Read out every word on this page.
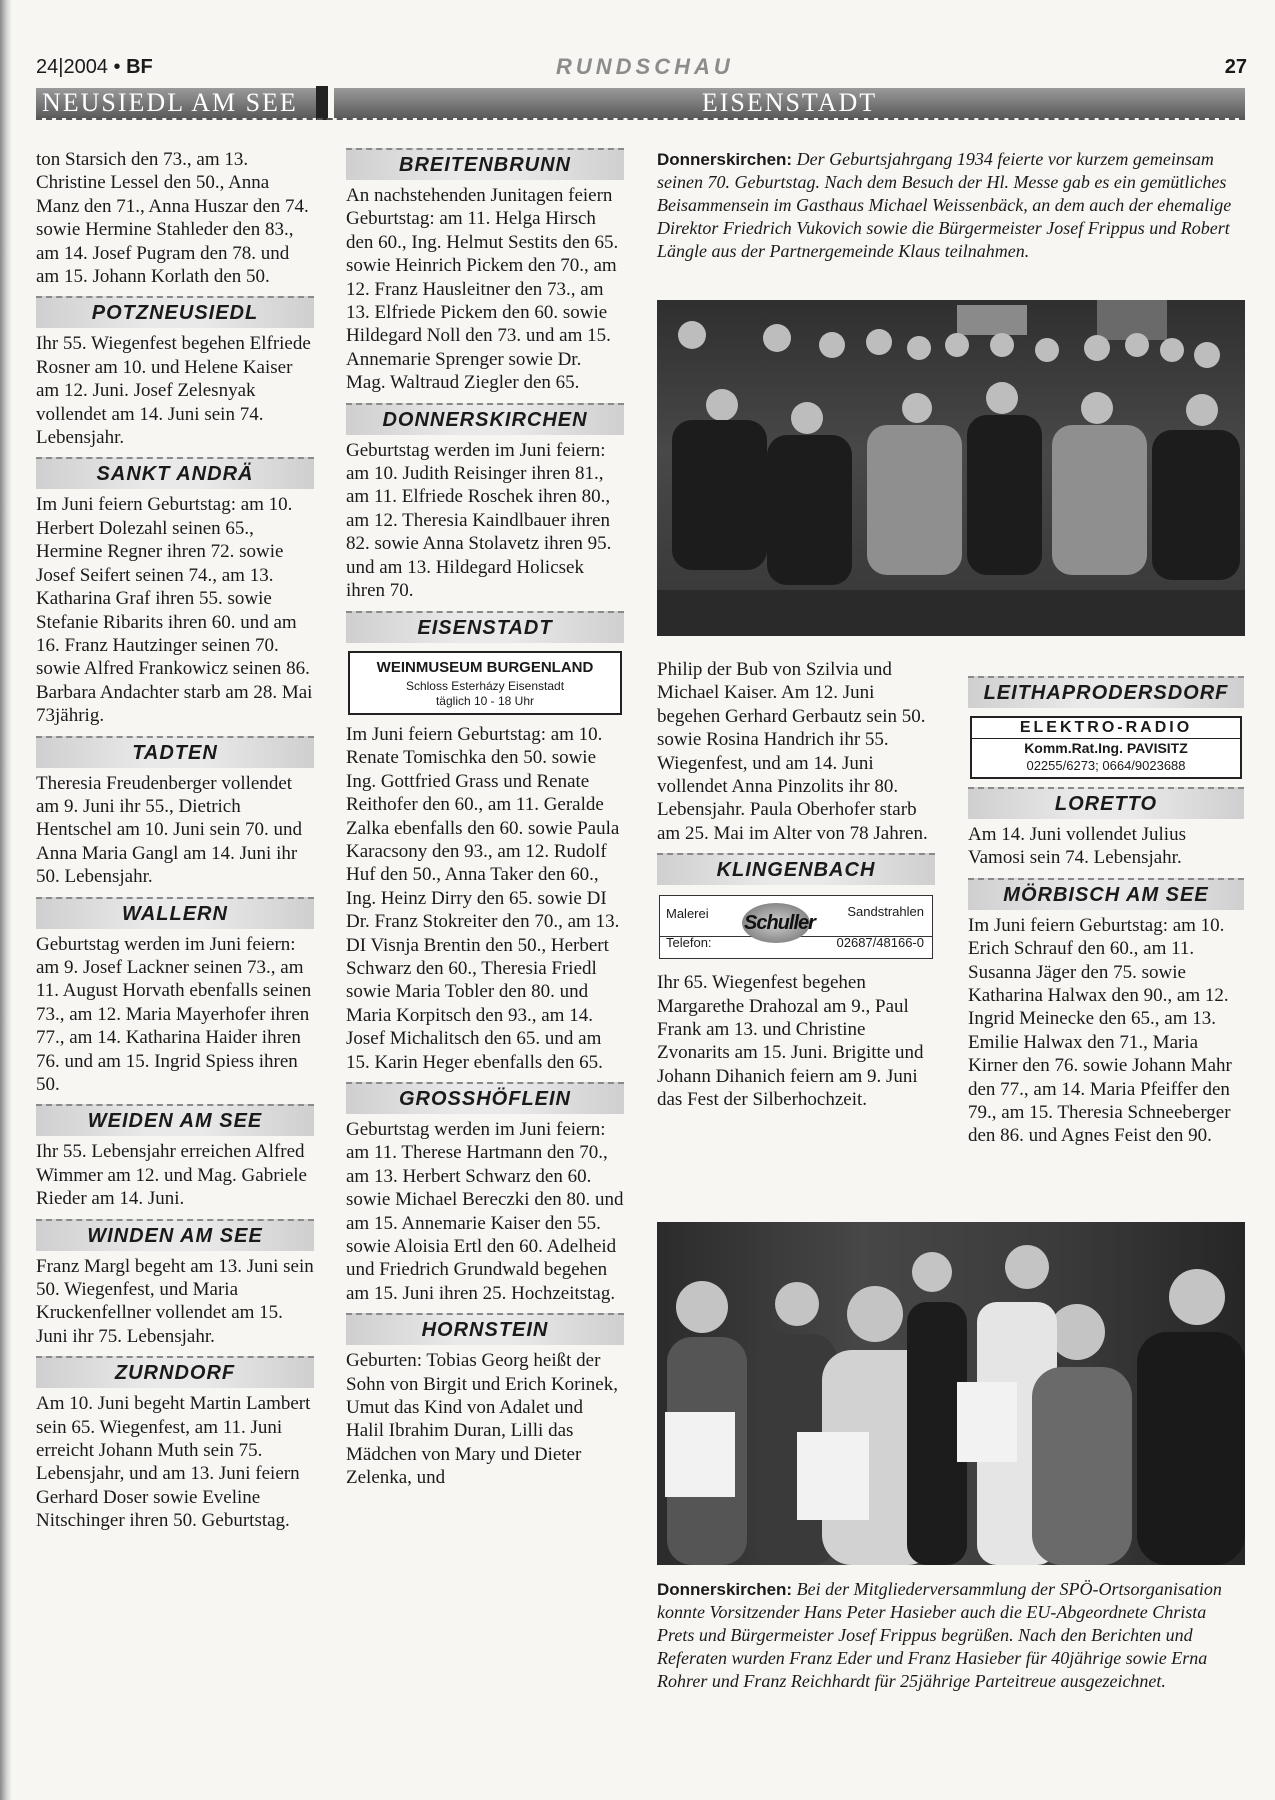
24|2004 • BF	RUNDSCHAU	27
NEUSIEDL AM SEE	EISENSTADT

ton Starsich den 73., am 13. Christine Lessel den 50., Anna Manz den 71., Anna Huszar den 74. sowie Hermine Stahleder den 83., am 14. Josef Pugram den 78. und am 15. Johann Korlath den 50.

POTZNEUSIEDL

Ihr 55. Wiegenfest begehen Elfriede Rosner am 10. und Helene Kaiser am 12. Juni. Josef Zelesnyak vollendet am 14. Juni sein 74. Lebensjahr.

SANKT ANDRÄ

Im Juni feiern Geburtstag: am 10. Herbert Dolezahl seinen 65., Hermine Regner ihren 72. sowie Josef Seifert seinen 74., am 13. Katharina Graf ihren 55. sowie Stefanie Ribarits ihren 60. und am 16. Franz Hautzinger seinen 70. sowie Alfred Frankowicz seinen 86. Barbara Andachter starb am 28. Mai 73jährig.

TADTEN

Theresia Freudenberger vollendet am 9. Juni ihr 55., Dietrich Hentschel am 10. Juni sein 70. und Anna Maria Gangl am 14. Juni ihr 50. Lebensjahr.

WALLERN

Geburtstag werden im Juni feiern: am 9. Josef Lackner seinen 73., am 11. August Horvath ebenfalls seinen 73., am 12. Maria Mayerhofer ihren 77., am 14. Katharina Haider ihren 76. und am 15. Ingrid Spiess ihren 50.

WEIDEN AM SEE

Ihr 55. Lebensjahr erreichen Alfred Wimmer am 12. und Mag. Gabriele Rieder am 14. Juni.

WINDEN AM SEE

Franz Margl begeht am 13. Juni sein 50. Wiegenfest, und Maria Kruckenfellner vollendet am 15. Juni ihr 75. Lebensjahr.

ZURNDORF

Am 10. Juni begeht Martin Lambert sein 65. Wiegenfest, am 11. Juni erreicht Johann Muth sein 75. Lebensjahr, und am 13. Juni feiern Gerhard Doser sowie Eveline Nitschinger ihren 50. Geburtstag.

BREITENBRUNN

An nachstehenden Junitagen feiern Geburtstag: am 11. Helga Hirsch den 60., Ing. Helmut Sestits den 65. sowie Heinrich Pickem den 70., am 12. Franz Hausleitner den 73., am 13. Elfriede Pickem den 60. sowie Hildegard Noll den 73. und am 15. Annemarie Sprenger sowie Dr. Mag. Waltraud Ziegler den 65.

DONNERSKIRCHEN

Geburtstag werden im Juni feiern: am 10. Judith Reisinger ihren 81., am 11. Elfriede Roschek ihren 80., am 12. Theresia Kaindlbauer ihren 82. sowie Anna Stolavetz ihren 95. und am 13. Hildegard Holicsek ihren 70.

EISENSTADT
WEINMUSEUM BURGENLAND
Schloss Esterházy Eisenstadt
täglich 10 - 18 Uhr

Im Juni feiern Geburtstag: am 10. Renate Tomischka den 50. sowie Ing. Gottfried Grass und Renate Reithofer den 60., am 11. Geralde Zalka ebenfalls den 60. sowie Paula Karacsony den 93., am 12. Rudolf Huf den 50., Anna Taker den 60., Ing. Heinz Dirry den 65. sowie DI Dr. Franz Stokreiter den 70., am 13. DI Visnja Brentin den 50., Herbert Schwarz den 60., Theresia Friedl sowie Maria Tobler den 80. und Maria Korpitsch den 93., am 14. Josef Michalitsch den 65. und am 15. Karin Heger ebenfalls den 65.

GROSSHÖFLEIN

Geburtstag werden im Juni feiern: am 11. Therese Hartmann den 70., am 13. Herbert Schwarz den 60. sowie Michael Bereczki den 80. und am 15. Annemarie Kaiser den 55. sowie Aloisia Ertl den 60. Adelheid und Friedrich Grundwald begehen am 15. Juni ihren 25. Hochzeitstag.

HORNSTEIN

Geburten: Tobias Georg heißt der Sohn von Birgit und Erich Korinek, Umut das Kind von Adalet und Halil Ibrahim Duran, Lilli das Mädchen von Mary und Dieter Zelenka, und

Donnerskirchen: Der Geburtsjahrgang 1934 feierte vor kurzem gemeinsam seinen 70. Geburtstag. Nach dem Besuch der Hl. Messe gab es ein gemütliches Beisammensein im Gasthaus Michael Weissenbäck, an dem auch der ehemalige Direktor Friedrich Vukovich sowie die Bürgermeister Josef Frippus und Robert Längle aus der Partnergemeinde Klaus teilnahmen.

Philip der Bub von Szilvia und Michael Kaiser. Am 12. Juni begehen Gerhard Gerbautz sein 50. sowie Rosina Handrich ihr 55. Wiegenfest, und am 14. Juni vollendet Anna Pinzolits ihr 80. Lebensjahr. Paula Oberhofer starb am 25. Mai im Alter von 78 Jahren.

KLINGENBACH
Malerei	Sandstrahlen
Schuller
Telefon:	02687/48166-0

Ihr 65. Wiegenfest begehen Margarethe Drahozal am 9., Paul Frank am 13. und Christine Zvonarits am 15. Juni. Brigitte und Johann Dihanich feiern am 9. Juni das Fest der Silberhochzeit.

LEITHAPRODERSDORF
ELEKTRO-RADIO
Komm.Rat.Ing. PAVISITZ
02255/6273; 0664/9023688
LORETTO

Am 14. Juni vollendet Julius Vamosi sein 74. Lebensjahr.

MÖRBISCH AM SEE

Im Juni feiern Geburtstag: am 10. Erich Schrauf den 60., am 11. Susanna Jäger den 75. sowie Katharina Halwax den 90., am 12. Ingrid Meinecke den 65., am 13. Emilie Halwax den 71., Maria Kirner den 76. sowie Johann Mahr den 77., am 14. Maria Pfeiffer den 79., am 15. Theresia Schneeberger den 86. und Agnes Feist den 90.

Donnerskirchen: Bei der Mitgliederversammlung der SPÖ-Ortsorganisation konnte Vorsitzender Hans Peter Hasieber auch die EU-Abgeordnete Christa Prets und Bürgermeister Josef Frippus begrüßen. Nach den Berichten und Referaten wurden Franz Eder und Franz Hasieber für 40jährige sowie Erna Rohrer und Franz Reichhardt für 25jährige Parteitreue ausgezeichnet.
